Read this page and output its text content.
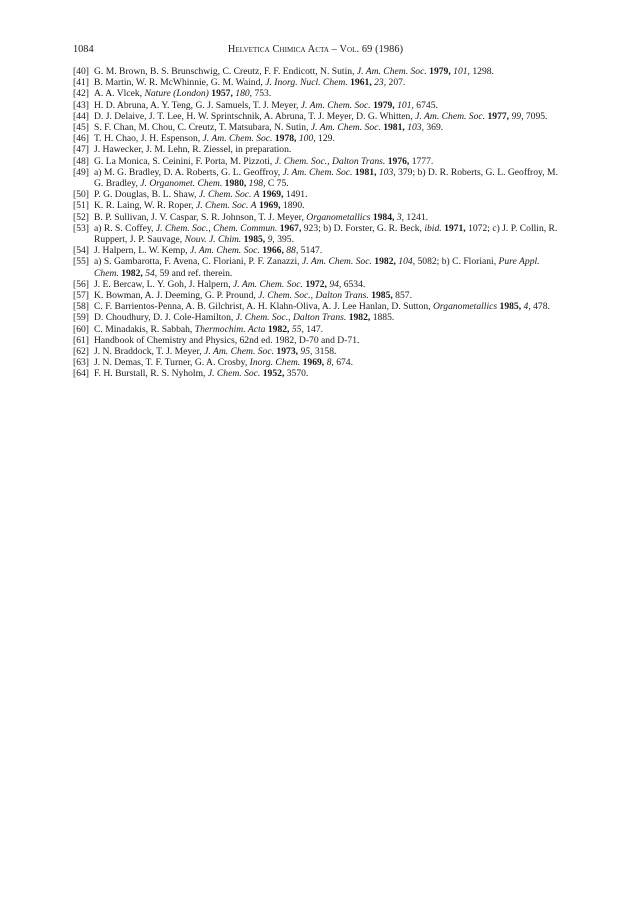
1084	Helvetica Chimica Acta – Vol. 69 (1986)
[40] G. M. Brown, B. S. Brunschwig, C. Creutz, F. F. Endicott, N. Sutin, J. Am. Chem. Soc. 1979, 101, 1298.
[41] B. Martin, W. R. McWhinnie, G. M. Waind, J. Inorg. Nucl. Chem. 1961, 23, 207.
[42] A. A. Vlcek, Nature (London) 1957, 180, 753.
[43] H. D. Abruna, A. Y. Teng, G. J. Samuels, T. J. Meyer, J. Am. Chem. Soc. 1979, 101, 6745.
[44] D. J. Delaive, J. T. Lee, H. W. Sprintschnik, A. Abruna, T. J. Meyer, D. G. Whitten, J. Am. Chem. Soc. 1977, 99, 7095.
[45] S. F. Chan, M. Chou, C. Creutz, T. Matsubara, N. Sutin, J. Am. Chem. Soc. 1981, 103, 369.
[46] T. H. Chao, J. H. Espenson, J. Am. Chem. Soc. 1978, 100, 129.
[47] J. Hawecker, J. M. Lehn, R. Ziessel, in preparation.
[48] G. La Monica, S. Ceinini, F. Porta, M. Pizzoti, J. Chem. Soc., Dalton Trans. 1976, 1777.
[49] a) M. G. Bradley, D. A. Roberts, G. L. Geoffroy, J. Am. Chem. Soc. 1981, 103, 379; b) D. R. Roberts, G. L. Geoffroy, M. G. Bradley, J. Organomet. Chem. 1980, 198, C 75.
[50] P. G. Douglas, B. L. Shaw, J. Chem. Soc. A 1969, 1491.
[51] K. R. Laing, W. R. Roper, J. Chem. Soc. A 1969, 1890.
[52] B. P. Sullivan, J. V. Caspar, S. R. Johnson, T. J. Meyer, Organometallics 1984, 3, 1241.
[53] a) R. S. Coffey, J. Chem. Soc., Chem. Commun. 1967, 923; b) D. Forster, G. R. Beck, ibid. 1971, 1072; c) J. P. Collin, R. Ruppert, J. P. Sauvage, Nouv. J. Chim. 1985, 9, 395.
[54] J. Halpern, L. W. Kemp, J. Am. Chem. Soc. 1966, 88, 5147.
[55] a) S. Gambarotta, F. Avena, C. Floriani, P. F. Zanazzi, J. Am. Chem. Soc. 1982, 104, 5082; b) C. Floriani, Pure Appl. Chem. 1982, 54, 59 and ref. therein.
[56] J. E. Bercaw, L. Y. Goh, J. Halpern, J. Am. Chem. Soc. 1972, 94, 6534.
[57] K. Bowman, A. J. Deeming, G. P. Pround, J. Chem. Soc., Dalton Trans. 1985, 857.
[58] C. F. Barrientos-Penna, A. B. Gilchrist, A. H. Klahn-Oliva, A. J. Lee Hanlan, D. Sutton, Organometallics 1985, 4, 478.
[59] D. Choudhury, D. J. Cole-Hamilton, J. Chem. Soc., Dalton Trans. 1982, 1885.
[60] C. Minadakis, R. Sabbah, Thermochim. Acta 1982, 55, 147.
[61] Handbook of Chemistry and Physics, 62nd ed. 1982, D-70 and D-71.
[62] J. N. Braddock, T. J. Meyer, J. Am. Chem. Soc. 1973, 95, 3158.
[63] J. N. Demas, T. F. Turner, G. A. Crosby, Inorg. Chem. 1969, 8, 674.
[64] F. H. Burstall, R. S. Nyholm, J. Chem. Soc. 1952, 3570.
